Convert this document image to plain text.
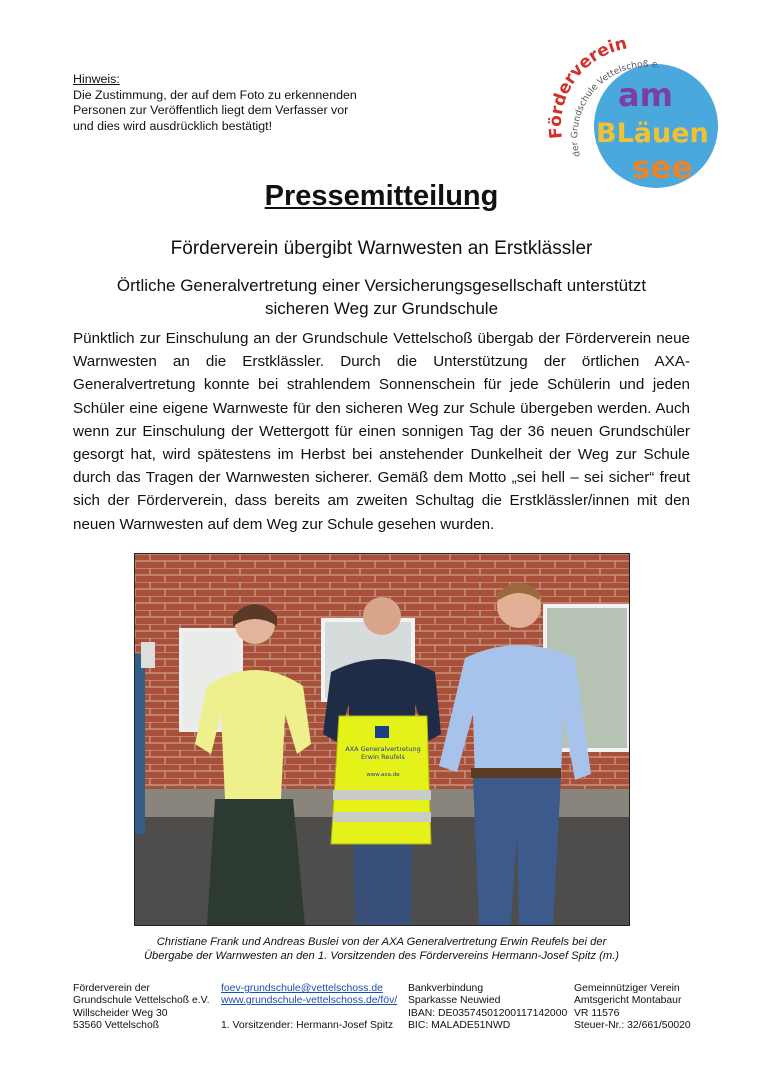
Hinweis:
Die Zustimmung, der auf dem Foto zu erkennenden
Personen zur Veröffentlich liegt dem Verfasser vor
und dies wird ausdrücklich bestätigt!
Förderverein
der Grundschule Vettelschoß e.
am
BLäuen
see
Pressemitteilung
Förderverein übergibt Warnwesten an Erstklässler
Örtliche Generalvertretung einer Versicherungsgesellschaft unterstützt sicheren Weg zur Grundschule
Pünktlich zur Einschulung an der Grundschule Vettelschoß übergab der Förderverein neue Warnwesten an die Erstklässler. Durch die Unterstützung der örtlichen AXA-Generalvertretung konnte bei strahlendem Sonnenschein für jede Schülerin und jeden Schüler eine eigene Warnweste für den sicheren Weg zur Schule übergeben werden. Auch wenn zur Einschulung der Wettergott für einen sonnigen Tag der 36 neuen Grundschüler gesorgt hat, wird spätestens im Herbst bei anstehender Dunkelheit der Weg zur Schule durch das Tragen der Warnwesten sicherer. Gemäß dem Motto „sei hell – sei sicher“ freut sich der Förderverein, dass bereits am zweiten Schultag die Erstklässler/innen mit den neuen Warnwesten auf dem Weg zur Schule gesehen wurden.
AXA Generalvertretung
Erwin Reufels
www.axa.de
Christiane Frank und Andreas Buslei von der AXA Generalvertretung Erwin Reufels bei der
Übergabe der Warnwesten an den 1. Vorsitzenden des Fördervereins Hermann-Josef Spitz (m.)
Förderverein der
Grundschule Vettelschoß e.V.
Willscheider Weg 30
53560 Vettelschoß
foev-grundschule@vettelschoss.de
www.grundschule-vettelschoss.de/föv/
1. Vorsitzender: Hermann-Josef Spitz
Bankverbindung
Sparkasse Neuwied
IBAN: DE03574501200117142000
BIC: MALADE51NWD
Gemeinnütziger Verein
Amtsgericht Montabaur
VR 11576
Steuer-Nr.: 32/661/50020
